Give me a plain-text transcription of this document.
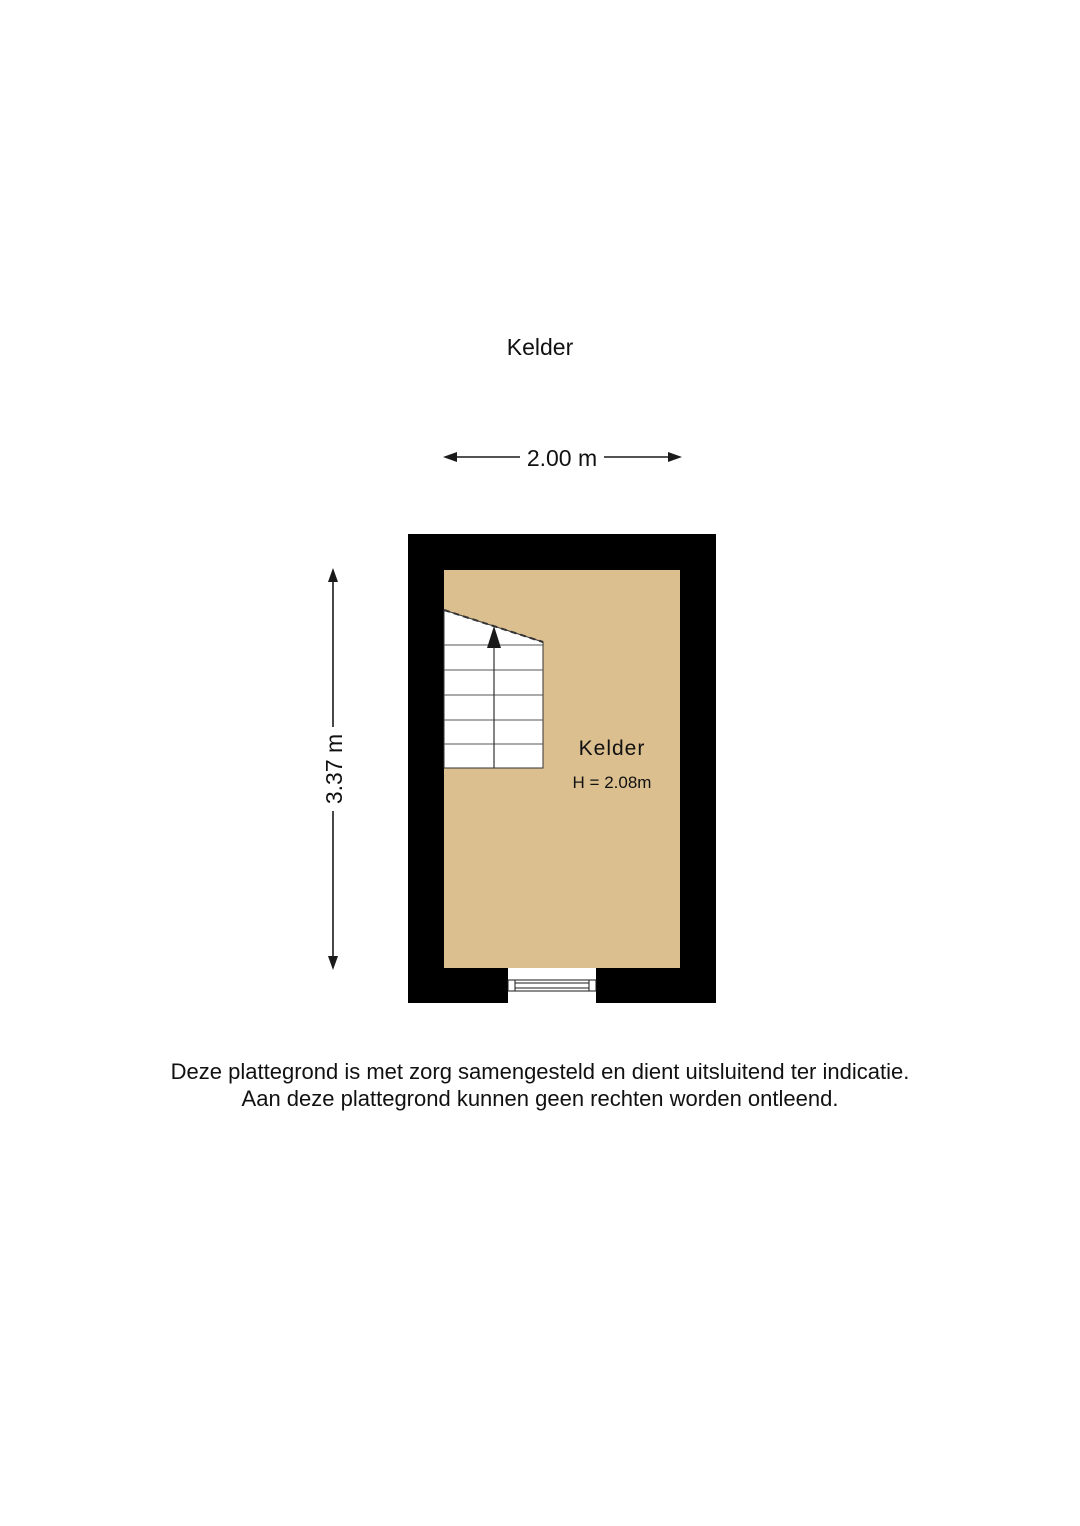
Kelder
2.00 m
3.37 m	Kelder
H = 2.08m
Deze plattegrond is met zorg samengesteld en dient uitsluitend ter indicatie.
Aan deze plattegrond kunnen geen rechten worden ontleend.
